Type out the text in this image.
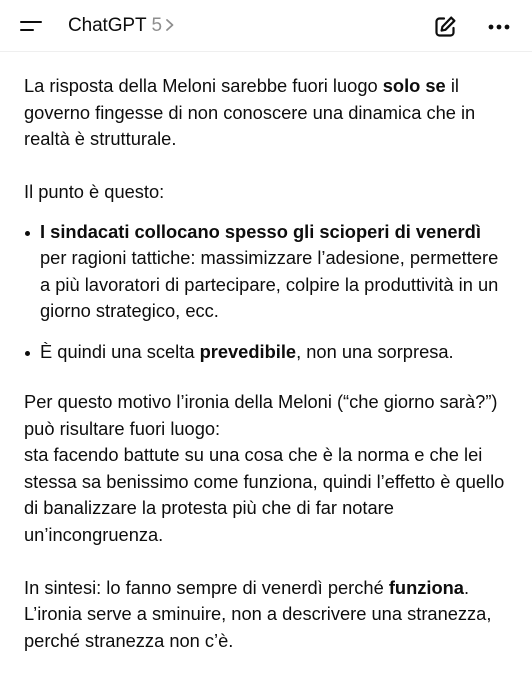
ChatGPT 5

La risposta della Meloni sarebbe fuori luogo solo se il governo fingesse di non conoscere una dinamica che in realtà è strutturale.

Il punto è questo:

I sindacati collocano spesso gli scioperi di venerdì per ragioni tattiche: massimizzare l’adesione, permettere a più lavoratori di partecipare, colpire la produttività in un giorno strategico, ecc.
È quindi una scelta prevedibile, non una sorpresa.

Per questo motivo l’ironia della Meloni (“che giorno sarà?”) può risultare fuori luogo:
sta facendo battute su una cosa che è la norma e che lei stessa sa benissimo come funziona, quindi l’effetto è quello di banalizzare la protesta più che di far notare un’incongruenza.

In sintesi: lo fanno sempre di venerdì perché funziona.
L’ironia serve a sminuire, non a descrivere una stranezza, perché stranezza non c’è.
